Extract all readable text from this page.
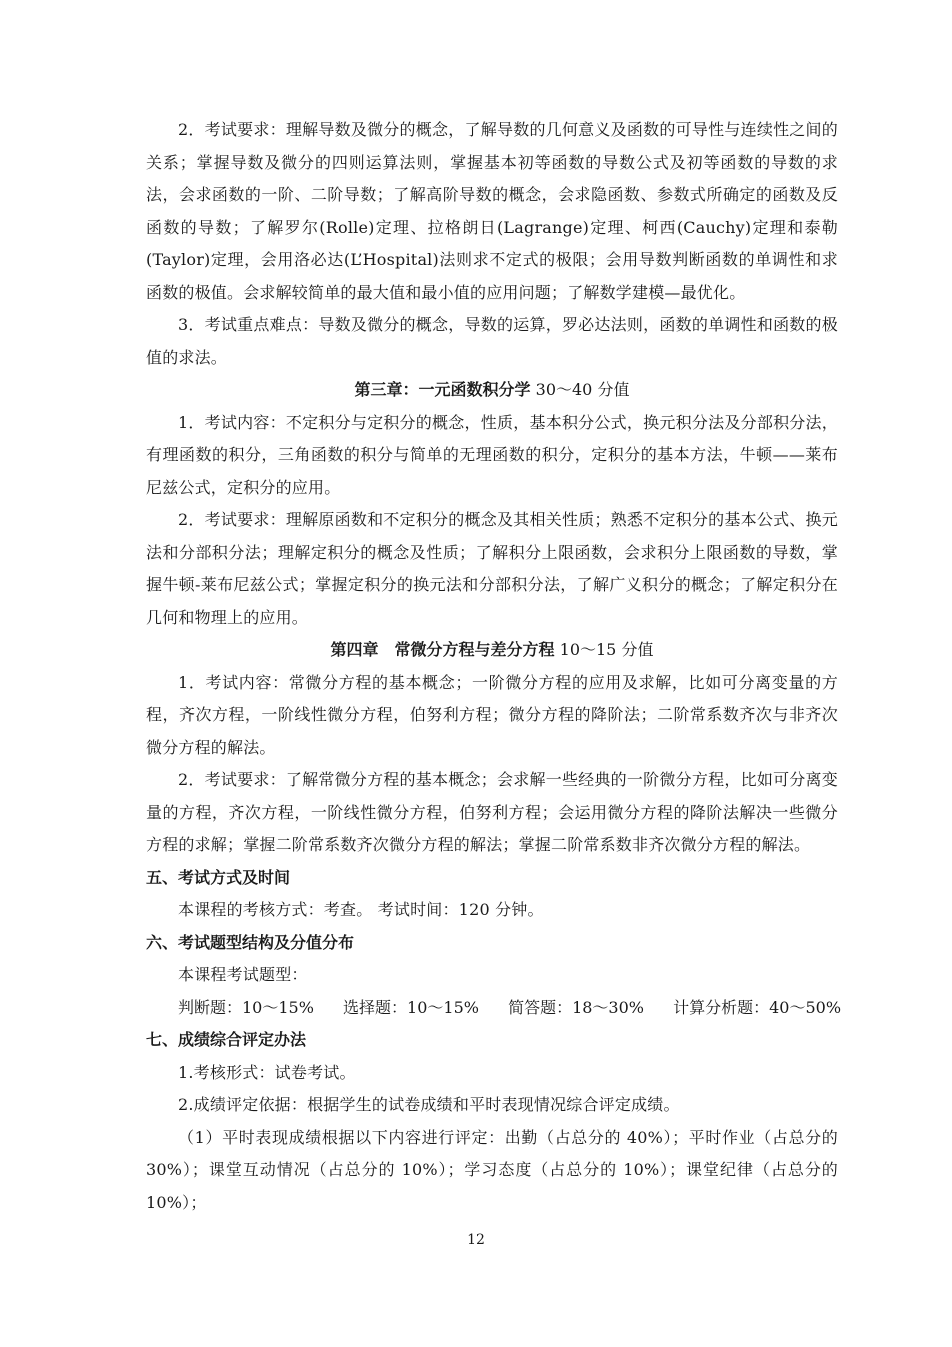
2．考试要求：理解导数及微分的概念，了解导数的几何意义及函数的可导性与连续性之间的关系；掌握导数及微分的四则运算法则，掌握基本初等函数的导数公式及初等函数的导数的求法，会求函数的一阶、二阶导数；了解高阶导数的概念，会求隐函数、参数式所确定的函数及反函数的导数；了解罗尔(Rolle)定理、拉格朗日(Lagrange)定理、柯西(Cauchy)定理和泰勒(Taylor)定理，会用洛必达(L’Hospital)法则求不定式的极限；会用导数判断函数的单调性和求函数的极值。会求解较简单的最大值和最小值的应用问题；了解数学建模—最优化。

3．考试重点难点：导数及微分的概念，导数的运算，罗必达法则，函数的单调性和函数的极值的求法。

第三章：一元函数积分学 30～40 分值

1．考试内容：不定积分与定积分的概念，性质，基本积分公式，换元积分法及分部积分法，有理函数的积分，三角函数的积分与简单的无理函数的积分，定积分的基本方法，牛顿——莱布尼兹公式，定积分的应用。

2．考试要求：理解原函数和不定积分的概念及其相关性质；熟悉不定积分的基本公式、换元法和分部积分法；理解定积分的概念及性质；了解积分上限函数，会求积分上限函数的导数，掌握牛顿-莱布尼兹公式；掌握定积分的换元法和分部积分法，了解广义积分的概念；了解定积分在几何和物理上的应用。

第四章　常微分方程与差分方程 10～15 分值

1．考试内容：常微分方程的基本概念；一阶微分方程的应用及求解，比如可分离变量的方程，齐次方程，一阶线性微分方程，伯努利方程；微分方程的降阶法；二阶常系数齐次与非齐次微分方程的解法。

2．考试要求：了解常微分方程的基本概念；会求解一些经典的一阶微分方程，比如可分离变量的方程，齐次方程，一阶线性微分方程，伯努利方程；会运用微分方程的降阶法解决一些微分方程的求解；掌握二阶常系数齐次微分方程的解法；掌握二阶常系数非齐次微分方程的解法。

五、考试方式及时间

本课程的考核方式：考查。 考试时间：120 分钟。

六、考试题型结构及分值分布

本课程考试题型：

判断题：10～15% 选择题：10～15% 简答题：18～30% 计算分析题：40～50%

七、成绩综合评定办法

1.考核形式：试卷考试。

2.成绩评定依据：根据学生的试卷成绩和平时表现情况综合评定成绩。

（1）平时表现成绩根据以下内容进行评定：出勤（占总分的 40%）；平时作业（占总分的 30%）；课堂互动情况（占总分的 10%）；学习态度（占总分的 10%）；课堂纪律（占总分的 10%）；

12
